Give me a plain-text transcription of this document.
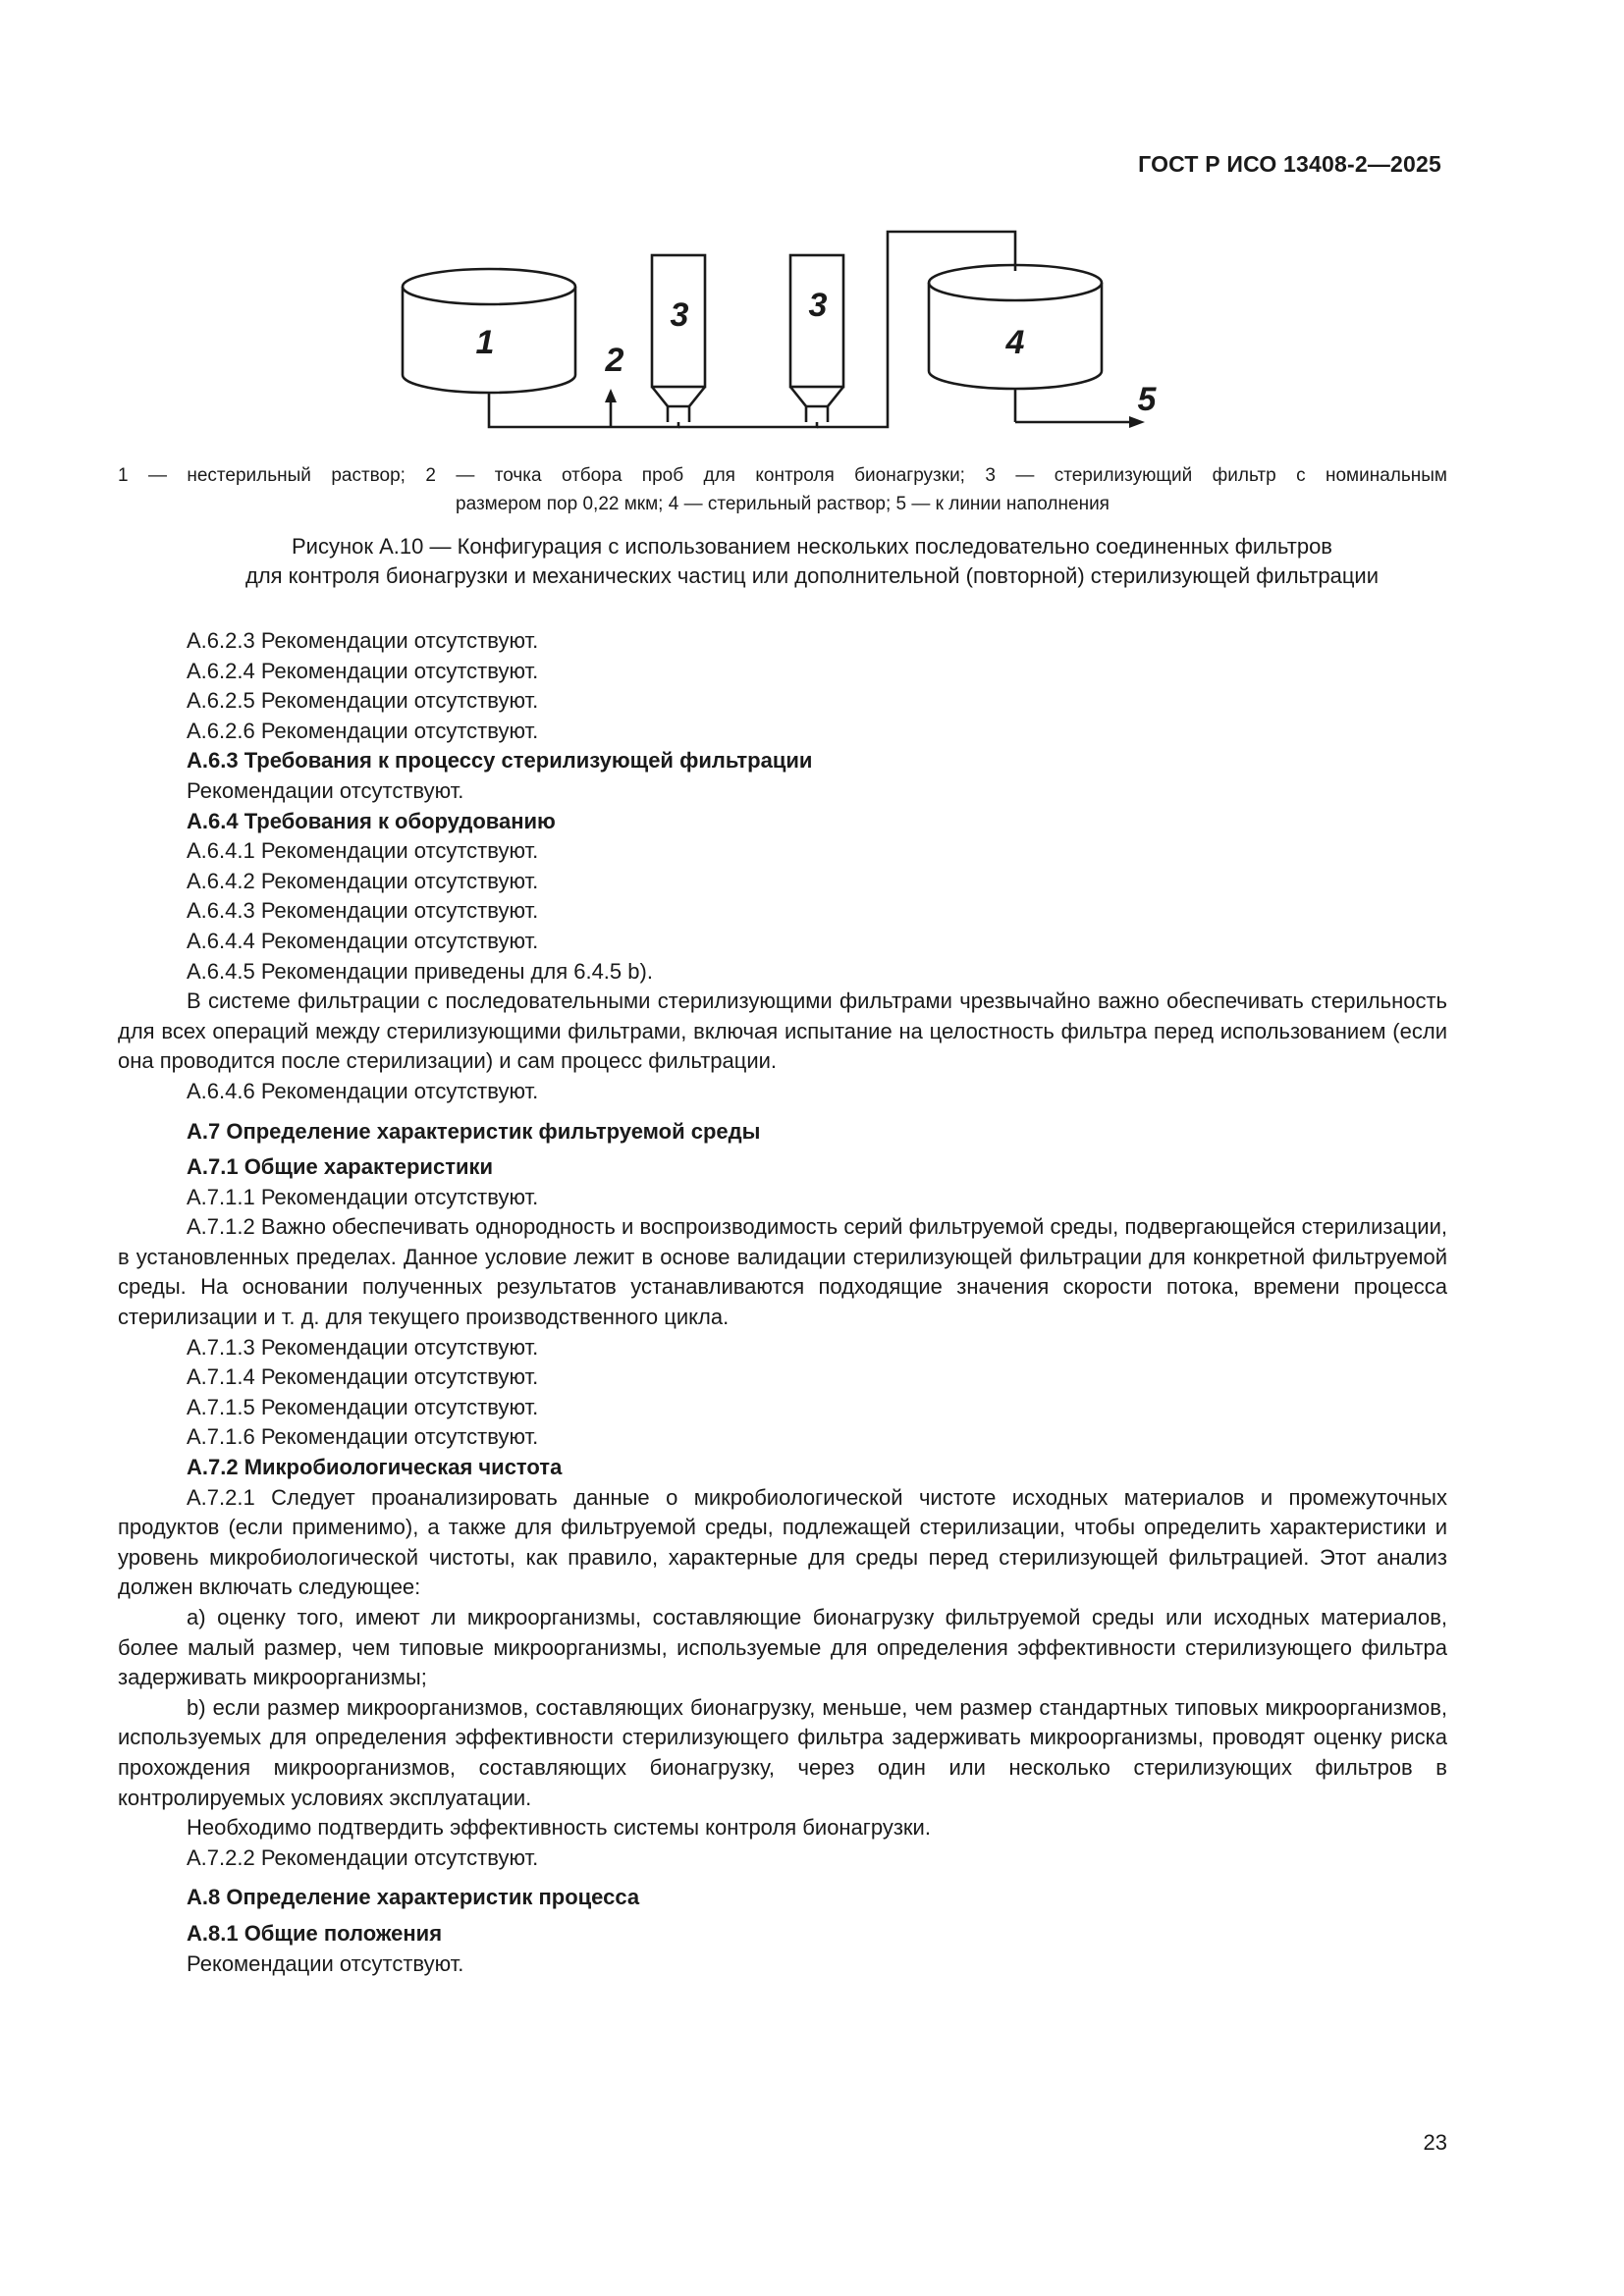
ГОСТ Р ИСО 13408-2—2025
1	2
3	3
4
5
1 — нестерильный раствор; 2 — точка отбора проб для контроля бионагрузки; 3 — стерилизующий фильтр с номинальным
размером пор 0,22 мкм; 4 — стерильный раствор; 5 — к линии наполнения
Рисунок А.10 — Конфигурация с использованием нескольких последовательно соединенных фильтров
для контроля бионагрузки и механических частиц или дополнительной (повторной) стерилизующей фильтрации

А.6.2.3 Рекомендации отсутствуют.

А.6.2.4 Рекомендации отсутствуют.

А.6.2.5 Рекомендации отсутствуют.

А.6.2.6 Рекомендации отсутствуют.

А.6.3 Требования к процессу стерилизующей фильтрации

Рекомендации отсутствуют.

А.6.4 Требования к оборудованию

А.6.4.1 Рекомендации отсутствуют.

А.6.4.2 Рекомендации отсутствуют.

А.6.4.3 Рекомендации отсутствуют.

А.6.4.4 Рекомендации отсутствуют.

А.6.4.5 Рекомендации приведены для 6.4.5 b).

В системе фильтрации с последовательными стерилизующими фильтрами чрезвычайно важно обеспечивать стерильность для всех операций между стерилизующими фильтрами, включая испытание на целостность фильтра перед использованием (если она проводится после стерилизации) и сам процесс фильтрации.

А.6.4.6 Рекомендации отсутствуют.

А.7 Определение характеристик фильтруемой среды

А.7.1 Общие характеристики

А.7.1.1 Рекомендации отсутствуют.

А.7.1.2 Важно обеспечивать однородность и воспроизводимость серий фильтруемой среды, подвергающейся стерилизации, в установленных пределах. Данное условие лежит в основе валидации стерилизующей фильтрации для конкретной фильтруемой среды. На основании полученных результатов устанавливаются подходящие значения скорости потока, времени процесса стерилизации и т. д. для текущего производственного цикла.

А.7.1.3 Рекомендации отсутствуют.

А.7.1.4 Рекомендации отсутствуют.

А.7.1.5 Рекомендации отсутствуют.

А.7.1.6 Рекомендации отсутствуют.

А.7.2 Микробиологическая чистота

А.7.2.1 Следует проанализировать данные о микробиологической чистоте исходных материалов и промежуточных продуктов (если применимо), а также для фильтруемой среды, подлежащей стерилизации, чтобы определить характеристики и уровень микробиологической чистоты, как правило, характерные для среды перед стерилизующей фильтрацией. Этот анализ должен включать следующее:

а) оценку того, имеют ли микроорганизмы, составляющие бионагрузку фильтруемой среды или исходных материалов, более малый размер, чем типовые микроорганизмы, используемые для определения эффективности стерилизующего фильтра задерживать микроорганизмы;

b) если размер микроорганизмов, составляющих бионагрузку, меньше, чем размер стандартных типовых микроорганизмов, используемых для определения эффективности стерилизующего фильтра задерживать микроорганизмы, проводят оценку риска прохождения микроорганизмов, составляющих бионагрузку, через один или несколько стерилизующих фильтров в контролируемых условиях эксплуатации.

Необходимо подтвердить эффективность системы контроля бионагрузки.

А.7.2.2 Рекомендации отсутствуют.

А.8 Определение характеристик процесса

А.8.1 Общие положения

Рекомендации отсутствуют.

23
